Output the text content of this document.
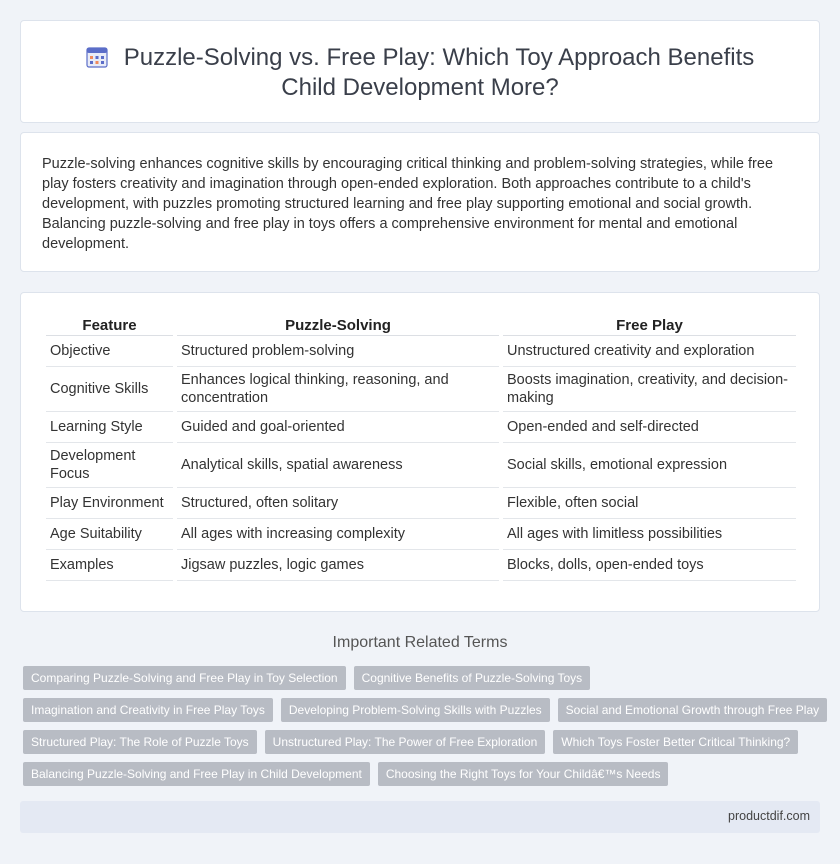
Puzzle-Solving vs. Free Play: Which Toy Approach Benefits Child Development More?

Puzzle-solving enhances cognitive skills by encouraging critical thinking and problem-solving strategies, while free play fosters creativity and imagination through open-ended exploration. Both approaches contribute to a child's development, with puzzles promoting structured learning and free play supporting emotional and social growth. Balancing puzzle-solving and free play in toys offers a comprehensive environment for mental and emotional development.

Feature	Puzzle-Solving	Free Play
Objective	Structured problem-solving	Unstructured creativity and exploration
Cognitive Skills	Enhances logical thinking, reasoning, and concentration	Boosts imagination, creativity, and decision-making
Learning Style	Guided and goal-oriented	Open-ended and self-directed
Development Focus	Analytical skills, spatial awareness	Social skills, emotional expression
Play Environment	Structured, often solitary	Flexible, often social
Age Suitability	All ages with increasing complexity	All ages with limitless possibilities
Examples	Jigsaw puzzles, logic games	Blocks, dolls, open-ended toys
Important Related Terms
Comparing Puzzle-Solving and Free Play in Toy Selection	Cognitive Benefits of Puzzle-Solving Toys
Imagination and Creativity in Free Play Toys	Developing Problem-Solving Skills with Puzzles	Social and Emotional Growth through Free Play
Structured Play: The Role of Puzzle Toys	Unstructured Play: The Power of Free Exploration	Which Toys Foster Better Critical Thinking?
Balancing Puzzle-Solving and Free Play in Child Development	Choosing the Right Toys for Your Childâ€™s Needs
productdif.com
